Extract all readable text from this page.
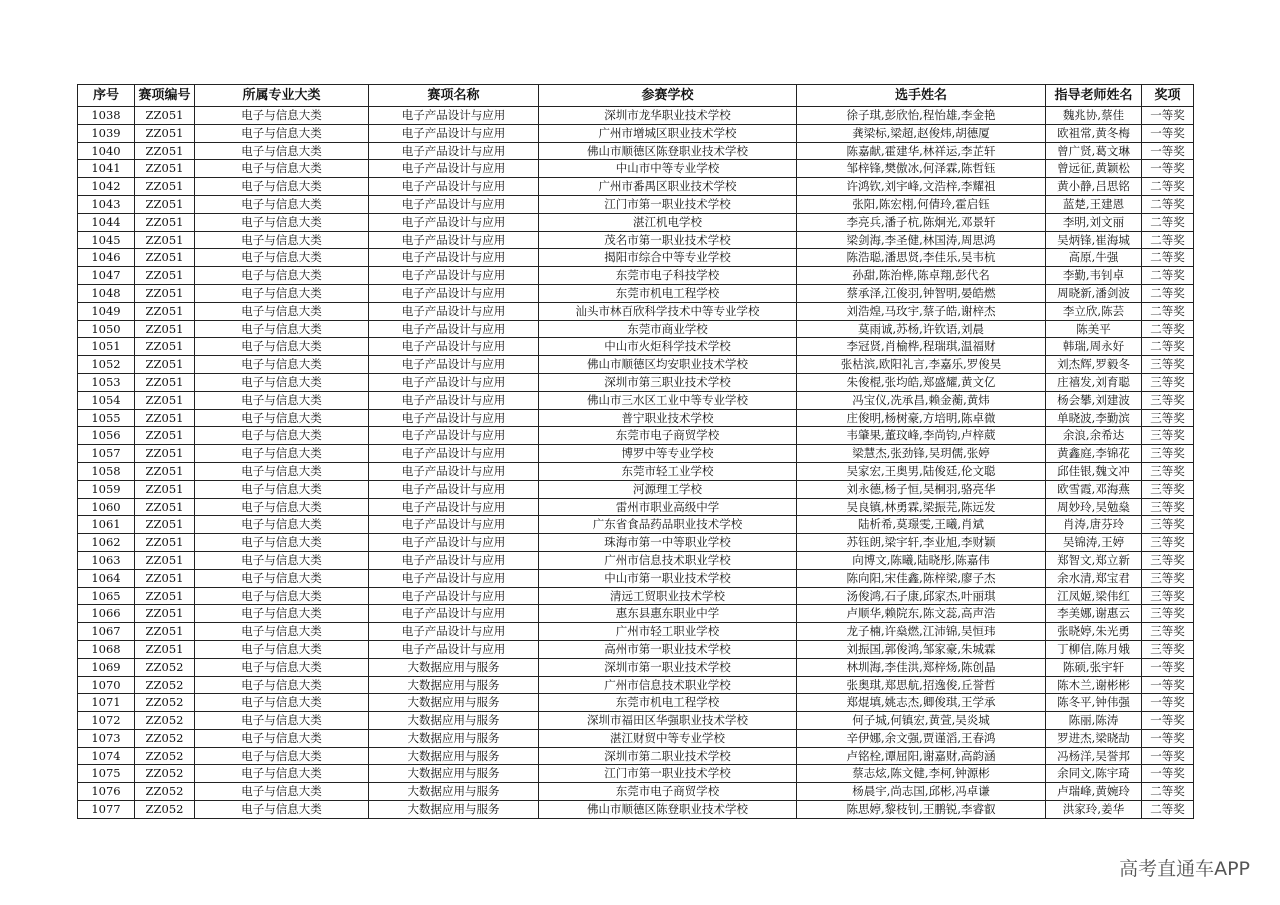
序号	赛项编号	所属专业大类	赛项名称	参赛学校	选手姓名	指导老师姓名	奖项
1038	ZZ051	电子与信息大类	电子产品设计与应用	深圳市龙华职业技术学校	徐子琪,彭欣怡,程怡雄,李金艳	魏兆协,蔡佳	一等奖
1039	ZZ051	电子与信息大类	电子产品设计与应用	广州市增城区职业技术学校	龚梁标,梁超,赵俊炜,胡德厦	欧祖常,黄冬梅	一等奖
1040	ZZ051	电子与信息大类	电子产品设计与应用	佛山市顺德区陈登职业技术学校	陈嘉献,霍建华,林祥运,李芷轩	曾广贤,葛文琳	一等奖
1041	ZZ051	电子与信息大类	电子产品设计与应用	中山市中等专业学校	邹梓锋,樊傲冰,何泽霖,陈哲钰	曾远征,黄颖松	一等奖
1042	ZZ051	电子与信息大类	电子产品设计与应用	广州市番禺区职业技术学校	许鸿钦,刘宇峰,文浩梓,李耀祖	黄小静,吕思铭	二等奖
1043	ZZ051	电子与信息大类	电子产品设计与应用	江门市第一职业技术学校	张阳,陈宏栩,何倩玲,霍启钰	蓝楚,王建恩	二等奖
1044	ZZ051	电子与信息大类	电子产品设计与应用	湛江机电学校	李亮兵,潘子杭,陈炯光,邓景轩	李明,刘文丽	二等奖
1045	ZZ051	电子与信息大类	电子产品设计与应用	茂名市第一职业技术学校	梁剑海,李圣健,林国涛,周思鸿	吴炳锋,崔海城	二等奖
1046	ZZ051	电子与信息大类	电子产品设计与应用	揭阳市综合中等专业学校	陈浩聪,潘思贤,李佳乐,吴韦杭	高原,牛强	二等奖
1047	ZZ051	电子与信息大类	电子产品设计与应用	东莞市电子科技学校	孙甜,陈治桦,陈卓翔,彭代名	李勤,韦钊卓	二等奖
1048	ZZ051	电子与信息大类	电子产品设计与应用	东莞市机电工程学校	蔡承泽,江俊羽,钟智明,晏皓燃	周晓新,潘剑波	二等奖
1049	ZZ051	电子与信息大类	电子产品设计与应用	汕头市林百欣科学技术中等专业学校	刘浩煌,马玫宇,蔡子皓,谢梓杰	李立欣,陈芸	二等奖
1050	ZZ051	电子与信息大类	电子产品设计与应用	东莞市商业学校	莫雨诚,苏杨,许钦语,刘晨	陈美平	二等奖
1051	ZZ051	电子与信息大类	电子产品设计与应用	中山市火炬科学技术学校	李冠贤,肖榆桦,程瑞琪,温福财	韩瑞,周永好	二等奖
1052	ZZ051	电子与信息大类	电子产品设计与应用	佛山市顺德区均安职业技术学校	张枯滨,欧阳礼言,李嘉乐,罗俊昊	刘杰辉,罗毅冬	三等奖
1053	ZZ051	电子与信息大类	电子产品设计与应用	深圳市第三职业技术学校	朱俊棍,张均皓,郑盛耀,黄文亿	庄禧发,刘育聪	三等奖
1054	ZZ051	电子与信息大类	电子产品设计与应用	佛山市三水区工业中等专业学校	冯宝仪,冼承昌,赖金蘅,黄炜	杨会攀,刘建波	三等奖
1055	ZZ051	电子与信息大类	电子产品设计与应用	普宁职业技术学校	庄俊明,杨树豪,方培明,陈卓微	单晓波,李勤滨	三等奖
1056	ZZ051	电子与信息大类	电子产品设计与应用	东莞市电子商贸学校	韦肇果,董玟峰,李尚钧,卢梓葳	余浪,余希达	三等奖
1057	ZZ051	电子与信息大类	电子产品设计与应用	博罗中等专业学校	梁慧杰,张劲锋,吴玥儒,张婷	黄鑫庭,李锦花	三等奖
1058	ZZ051	电子与信息大类	电子产品设计与应用	东莞市轻工业学校	吴家宏,王奥男,陆俊廷,伦文聪	邱佳银,魏文冲	三等奖
1059	ZZ051	电子与信息大类	电子产品设计与应用	河源理工学校	刘永德,杨子恒,吴桐羽,骆亮华	欧雪霞,邓海燕	三等奖
1060	ZZ051	电子与信息大类	电子产品设计与应用	雷州市职业高级中学	吴良镇,林勇霖,梁振芫,陈远发	周妙玲,吴勉燊	三等奖
1061	ZZ051	电子与信息大类	电子产品设计与应用	广东省食品药品职业技术学校	陆析希,莫璟雯,王曦,肖斌	肖涛,唐芬玲	三等奖
1062	ZZ051	电子与信息大类	电子产品设计与应用	珠海市第一中等职业学校	苏钰朗,梁宇轩,李业旭,李财颖	吴锦涛,王婷	三等奖
1063	ZZ051	电子与信息大类	电子产品设计与应用	广州市信息技术职业学校	向博文,陈曦,陆晓彤,陈嘉伟	郑智文,郑立新	三等奖
1064	ZZ051	电子与信息大类	电子产品设计与应用	中山市第一职业技术学校	陈向阳,宋佳鑫,陈梓梁,廖子杰	余水清,郑宝君	三等奖
1065	ZZ051	电子与信息大类	电子产品设计与应用	清远工贸职业技术学校	汤俊鸿,石子康,邱家杰,叶丽琪	江凤姬,梁伟红	三等奖
1066	ZZ051	电子与信息大类	电子产品设计与应用	惠东县惠东职业中学	卢顺华,赖院东,陈文蕊,高声浩	李美娜,谢惠云	三等奖
1067	ZZ051	电子与信息大类	电子产品设计与应用	广州市轻工职业学校	龙子楠,许燊燃,江沛锦,吴恒玮	张晓婷,朱光勇	三等奖
1068	ZZ051	电子与信息大类	电子产品设计与应用	高州市第一职业技术学校	刘振国,郭俊鸿,邹家豪,朱城霖	丁柳信,陈月娥	三等奖
1069	ZZ052	电子与信息大类	大数据应用与服务	深圳市第一职业技术学校	林圳海,李佳洪,郑梓炀,陈创晶	陈硕,张宇轩	一等奖
1070	ZZ052	电子与信息大类	大数据应用与服务	广州市信息技术职业学校	张奥琪,郑思航,招逸俊,丘誉哲	陈木兰,谢彬彬	一等奖
1071	ZZ052	电子与信息大类	大数据应用与服务	东莞市机电工程学校	郑焜填,姚志杰,卿俊琪,王学承	陈冬平,钟伟强	一等奖
1072	ZZ052	电子与信息大类	大数据应用与服务	深圳市福田区华强职业技术学校	何子城,何镇宏,黄萱,吴炎城	陈丽,陈涛	一等奖
1073	ZZ052	电子与信息大类	大数据应用与服务	湛江财贸中等专业学校	辛伊娜,余文强,贾谨滔,王春鸿	罗进杰,梁晓劼	一等奖
1074	ZZ052	电子与信息大类	大数据应用与服务	深圳市第二职业技术学校	卢铭栓,谭屈阳,谢嘉财,高韵涵	冯杨洋,吴誉邦	一等奖
1075	ZZ052	电子与信息大类	大数据应用与服务	江门市第一职业技术学校	蔡志炫,陈文健,李柯,钟源彬	余同文,陈宇琦	一等奖
1076	ZZ052	电子与信息大类	大数据应用与服务	东莞市电子商贸学校	杨晨宇,尚志国,邱彬,冯卓谦	卢瑞峰,黄婉玲	二等奖
1077	ZZ052	电子与信息大类	大数据应用与服务	佛山市顺德区陈登职业技术学校	陈思婷,黎枝钊,王鹏锐,李睿叡	洪家玲,姜华	二等奖
高考直通车APP
